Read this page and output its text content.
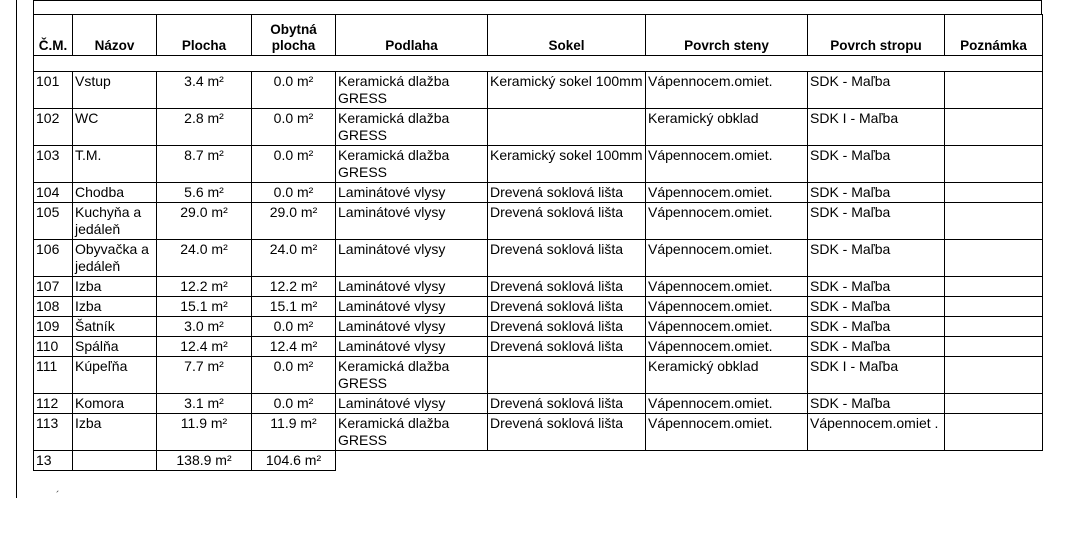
Č.M.	Názov	Plocha	Obytná plocha	Podlaha	Sokel	Povrch steny	Povrch stropu	Poznámka

101	Vstup	3.4 m²	0.0 m²	Keramická dlažba GRESS	Keramický sokel 100mm	Vápennocem.omiet.	SDK - Maľba	
102	WC	2.8 m²	0.0 m²	Keramická dlažba GRESS		Keramický obklad	SDK I - Maľba	
103	T.M.	8.7 m²	0.0 m²	Keramická dlažba GRESS	Keramický sokel 100mm	Vápennocem.omiet.	SDK - Maľba	
104	Chodba	5.6 m²	0.0 m²	Laminátové vlysy	Drevená soklová lišta	Vápennocem.omiet.	SDK - Maľba	
105	Kuchyňa a jedáleň	29.0 m²	29.0 m²	Laminátové vlysy	Drevená soklová lišta	Vápennocem.omiet.	SDK - Maľba	
106	Obyvačka a jedáleň	24.0 m²	24.0 m²	Laminátové vlysy	Drevená soklová lišta	Vápennocem.omiet.	SDK - Maľba	
107	Izba	12.2 m²	12.2 m²	Laminátové vlysy	Drevená soklová lišta	Vápennocem.omiet.	SDK - Maľba	
108	Izba	15.1 m²	15.1 m²	Laminátové vlysy	Drevená soklová lišta	Vápennocem.omiet.	SDK - Maľba	
109	Šatník	3.0 m²	0.0 m²	Laminátové vlysy	Drevená soklová lišta	Vápennocem.omiet.	SDK - Maľba	
110	Spálňa	12.4 m²	12.4 m²	Laminátové vlysy	Drevená soklová lišta	Vápennocem.omiet.	SDK - Maľba	
111	Kúpeľňa	7.7 m²	0.0 m²	Keramická dlažba GRESS		Keramický obklad	SDK I - Maľba	
112	Komora	3.1 m²	0.0 m²	Laminátové vlysy	Drevená soklová lišta	Vápennocem.omiet.	SDK - Maľba	
113	Izba	11.9 m²	11.9 m²	Keramická dlažba GRESS	Drevená soklová lišta	Vápennocem.omiet.	Vápennocem.omiet .	
13		138.9 m²	104.6 m²					
´
